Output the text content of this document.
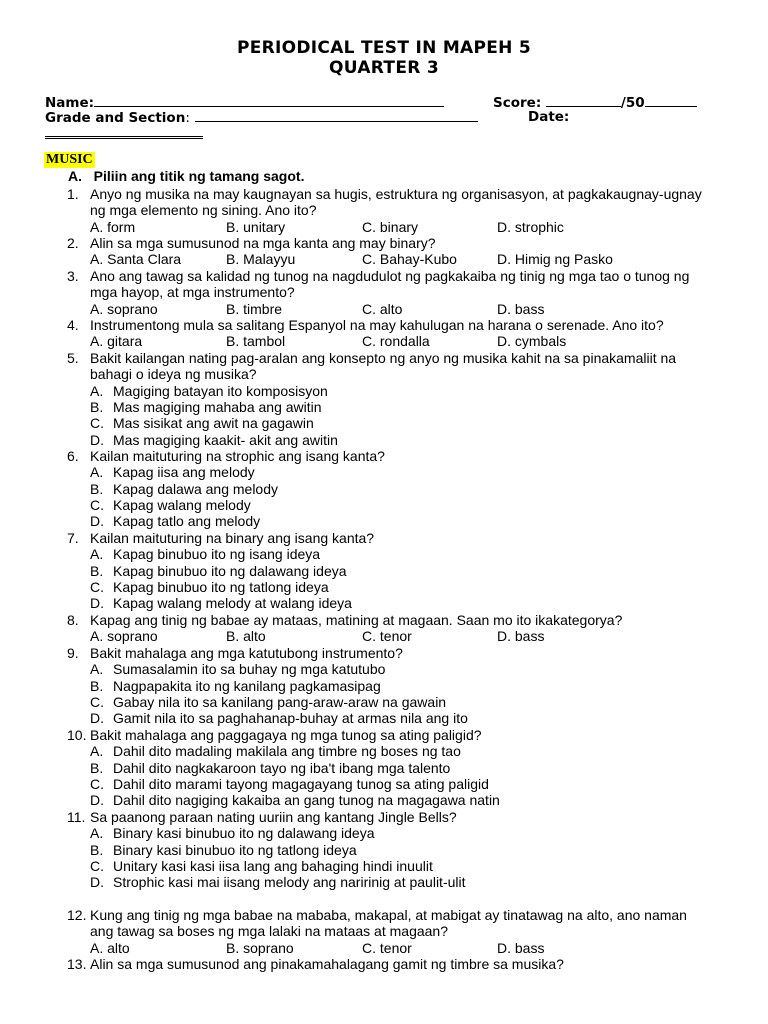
PERIODICAL TEST IN MAPEH 5
QUARTER 3
Name:	Score:	/50
Grade and Section:	Date:
MUSIC
A. Piliin ang titik ng tamang sagot.
1. Anyo ng musika na may kaugnayan sa hugis, estruktura ng organisasyon, at pagkakaugnay-ugnay
ng mga elemento ng sining. Ano ito?
A. form	B. unitary	C. binary	D. strophic
2. Alin sa mga sumusunod na mga kanta ang may binary?
A. Santa Clara	B. Malayyu	C. Bahay-Kubo	D. Himig ng Pasko
3. Ano ang tawag sa kalidad ng tunog na nagdudulot ng pagkakaiba ng tinig ng mga tao o tunog ng
mga hayop, at mga instrumento?
A. soprano	B. timbre	C. alto	D. bass
4. Instrumentong mula sa salitang Espanyol na may kahulugan na harana o serenade. Ano ito?
A. gitara	B. tambol	C. rondalla	D. cymbals
5. Bakit kailangan nating pag-aralan ang konsepto ng anyo ng musika kahit na sa pinakamaliit na
bahagi o ideya ng musika?
A. Magiging batayan ito komposisyon
B. Mas magiging mahaba ang awitin
C. Mas sisikat ang awit na gagawin
D. Mas magiging kaakit- akit ang awitin
6. Kailan maituturing na strophic ang isang kanta?
A. Kapag iisa ang melody
B. Kapag dalawa ang melody
C. Kapag walang melody
D. Kapag tatlo ang melody
7. Kailan maituturing na binary ang isang kanta?
A. Kapag binubuo ito ng isang ideya
B. Kapag binubuo ito ng dalawang ideya
C. Kapag binubuo ito ng tatlong ideya
D. Kapag walang melody at walang ideya
8. Kapag ang tinig ng babae ay mataas, matining at magaan. Saan mo ito ikakategorya?
A. soprano	B. alto	C. tenor	D. bass
9. Bakit mahalaga ang mga katutubong instrumento?
A. Sumasalamin ito sa buhay ng mga katutubo
B. Nagpapakita ito ng kanilang pagkamasipag
C. Gabay nila ito sa kanilang pang-araw-araw na gawain
D. Gamit nila ito sa paghahanap-buhay at armas nila ang ito
10. Bakit mahalaga ang paggagaya ng mga tunog sa ating paligid?
A. Dahil dito madaling makilala ang timbre ng boses ng tao
B. Dahil dito nagkakaroon tayo ng iba't ibang mga talento
C. Dahil dito marami tayong magagayang tunog sa ating paligid
D. Dahil dito nagiging kakaiba an gang tunog na magagawa natin
11. Sa paanong paraan nating uuriin ang kantang Jingle Bells?
A. Binary kasi binubuo ito ng dalawang ideya
B. Binary kasi binubuo ito ng tatlong ideya
C. Unitary kasi kasi iisa lang ang bahaging hindi inuulit
D. Strophic kasi mai iisang melody ang naririnig at paulit-ulit
12. Kung ang tinig ng mga babae na mababa, makapal, at mabigat ay tinatawag na alto, ano naman
ang tawag sa boses ng mga lalaki na mataas at magaan?
A. alto	B. soprano	C. tenor	D. bass
13. Alin sa mga sumusunod ang pinakamahalagang gamit ng timbre sa musika?
